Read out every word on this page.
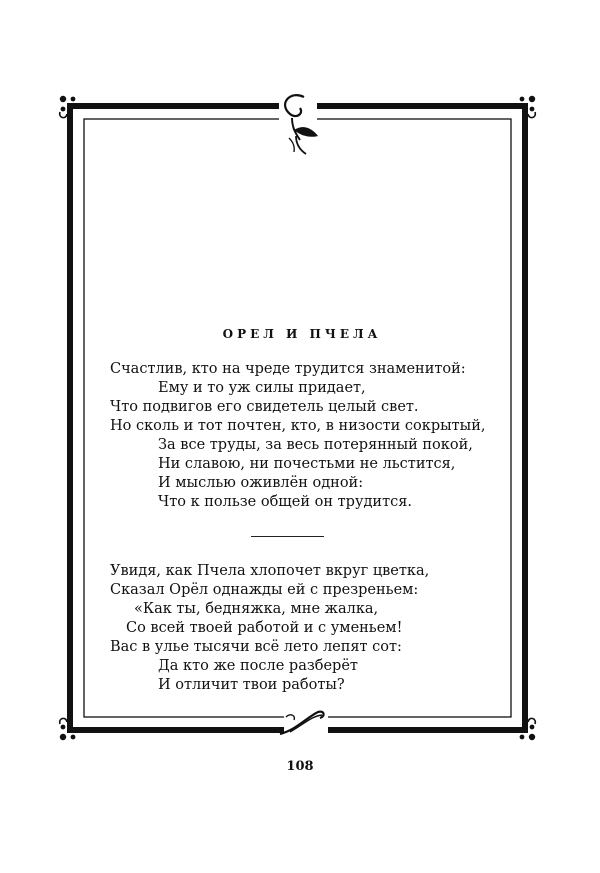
ОРЕЛ И ПЧЕЛА
Счастлив, кто на чреде трудится знаменитой:
Ему и то уж силы придает,
Что подвигов его свидетель целый свет.
Но сколь и тот почтен, кто, в низости сокрытый,
За все труды, за весь потерянный покой,
Ни славою, ни почестьми не льстится,
И мыслью оживлён одной:
Что к пользе общей он трудится.
Увидя, как Пчела хлопочет вкруг цветка,
Сказал Орёл однажды ей с презреньем:
«Как ты, бедняжка, мне жалка,
Со всей твоей работой и с уменьем!
Вас в улье тысячи всё лето лепят сот:
Да кто же после разберёт
И отличит твои работы?
108
